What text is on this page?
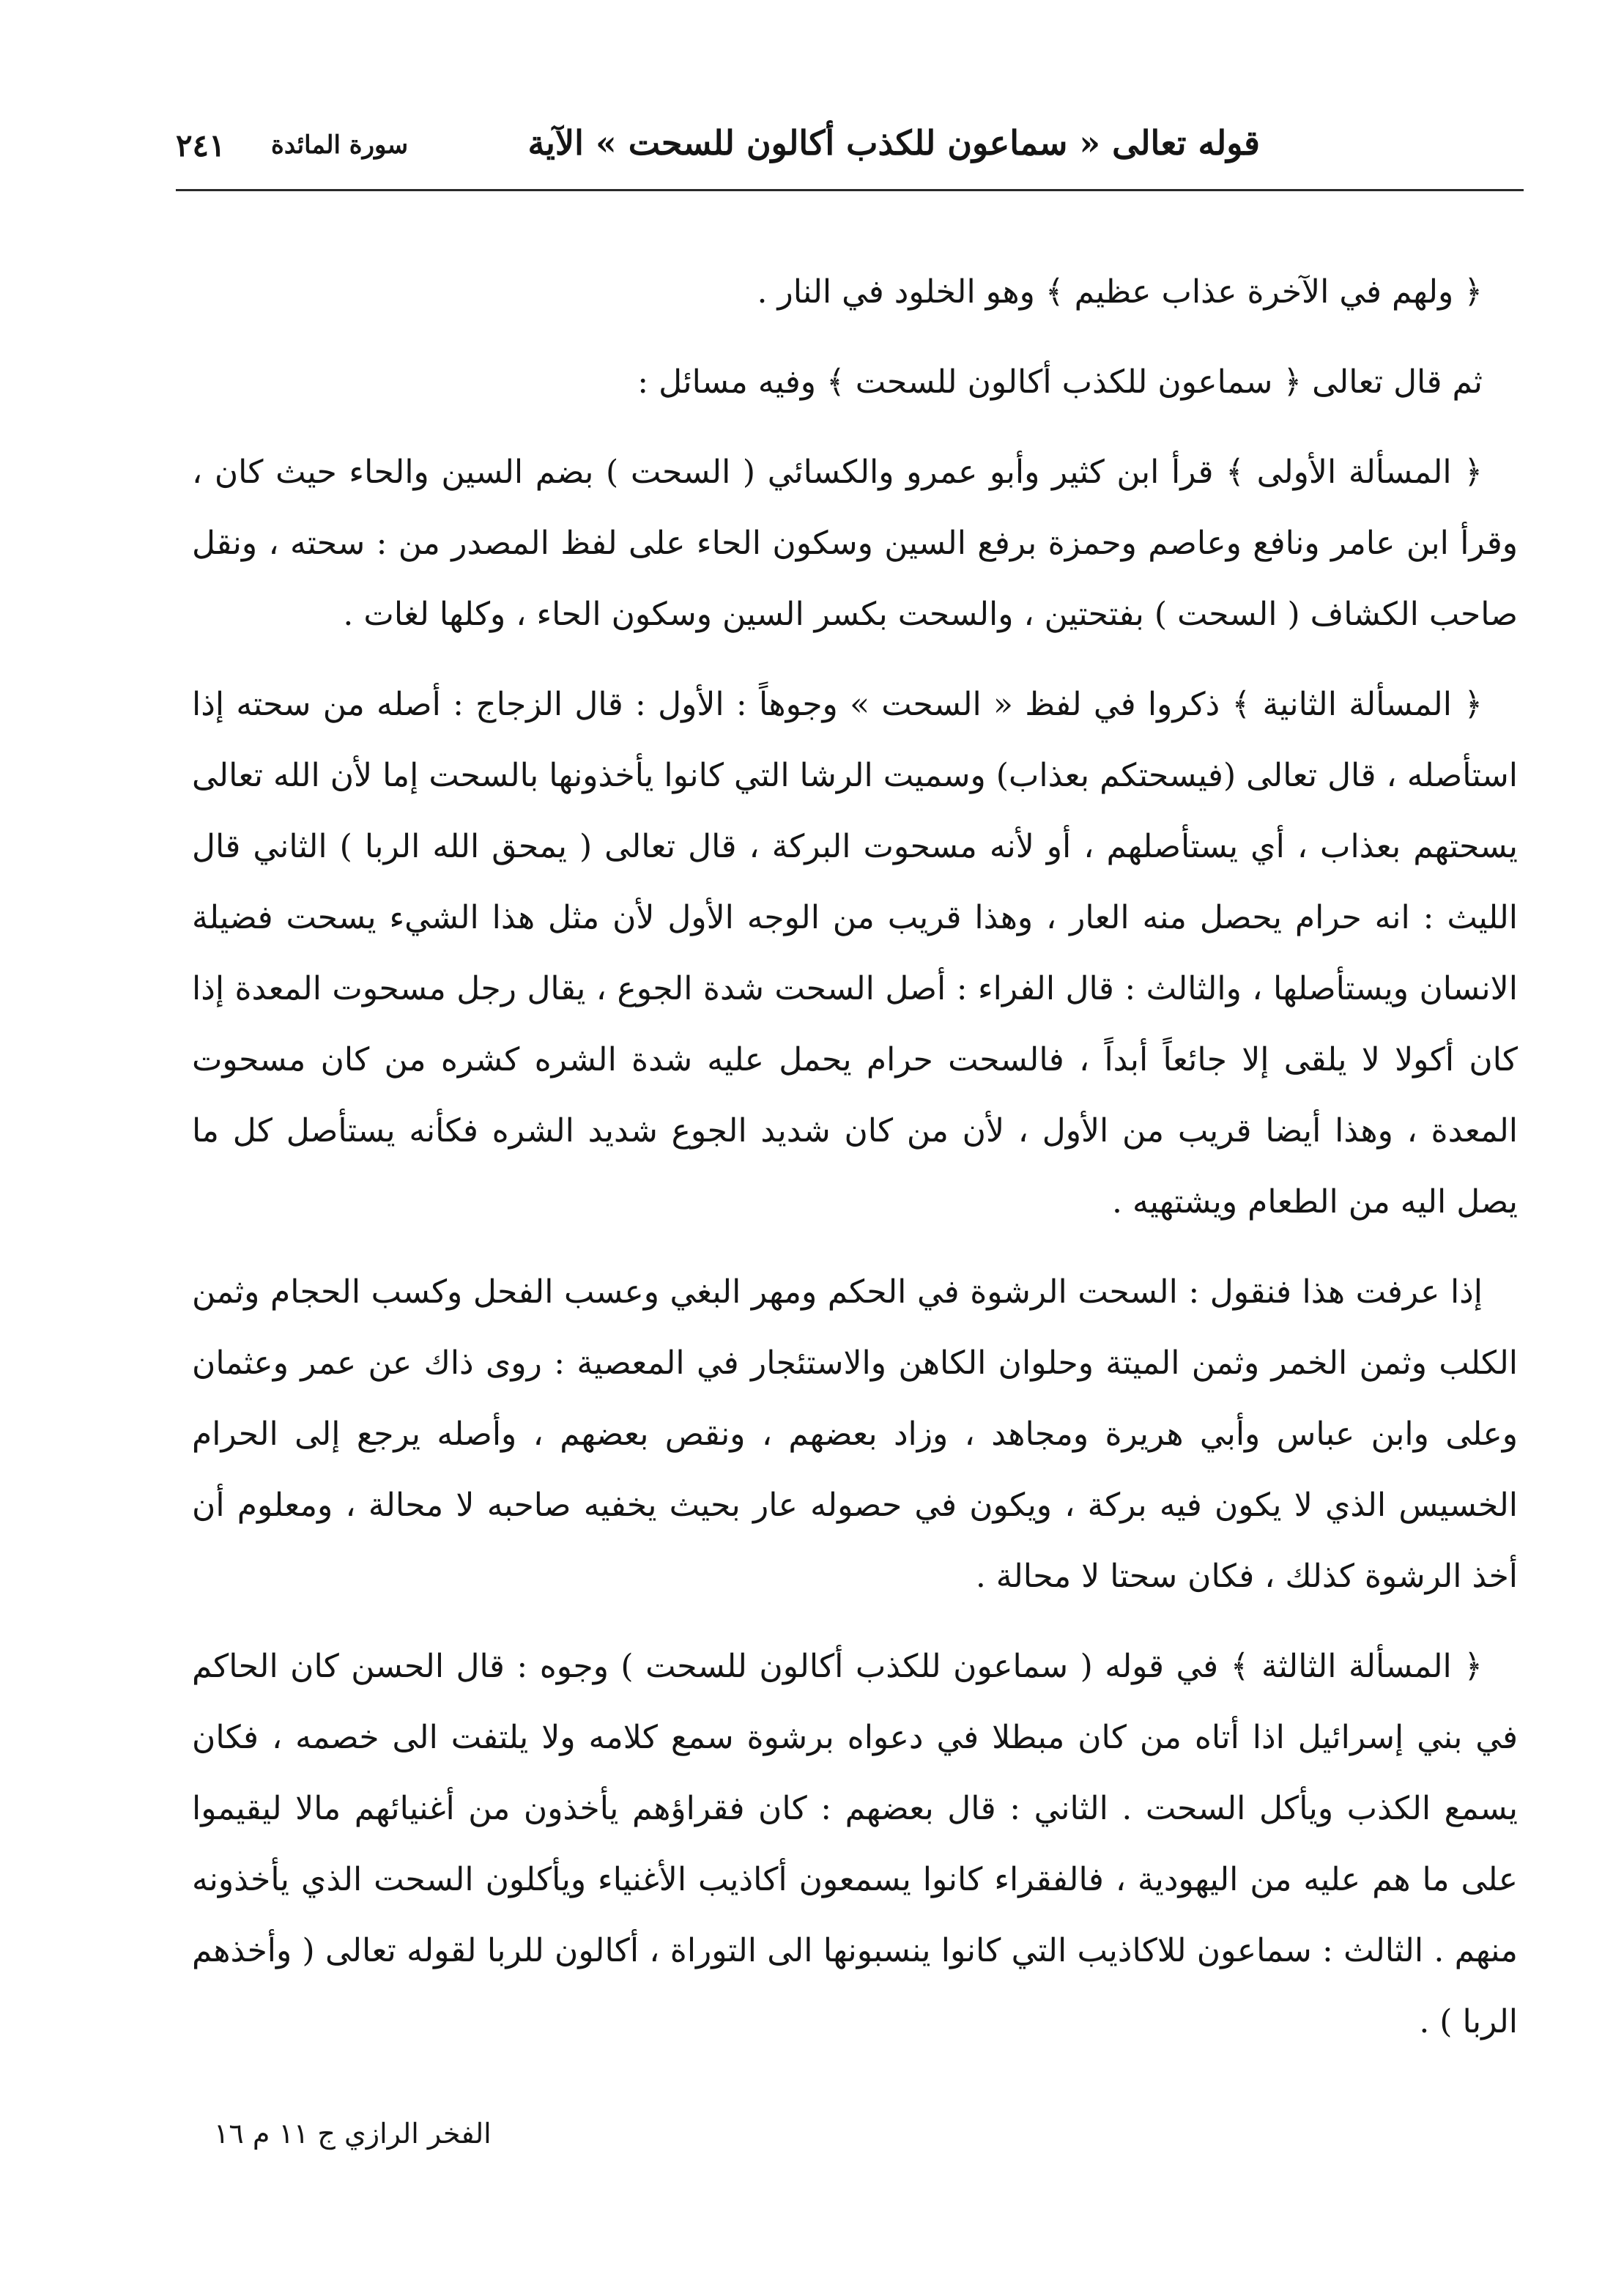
قوله تعالى « سماعون للكذب أكالون للسحت » الآية
سورة المائدة
٢٤١

﴿ ولهم في الآخرة عذاب عظيم ﴾ وهو الخلود في النار .

ثم قال تعالى ﴿ سماعون للكذب أكالون للسحت ﴾ وفيه مسائل :

﴿ المسألة الأولى ﴾ قرأ ابن كثير وأبو عمرو والكسائي ( السحت ) بضم السين والحاء حيث كان ، وقرأ ابن عامر ونافع وعاصم وحمزة برفع السين وسكون الحاء على لفظ المصدر من : سحته ، ونقل صاحب الكشاف ( السحت ) بفتحتين ، والسحت بكسر السين وسكون الحاء ، وكلها لغات .

﴿ المسألة الثانية ﴾ ذكروا في لفظ « السحت » وجوهاً : الأول : قال الزجاج : أصله من سحته إذا استأصله ، قال تعالى (فيسحتكم بعذاب) وسميت الرشا التي كانوا يأخذونها بالسحت إما لأن الله تعالى يسحتهم بعذاب ، أي يستأصلهم ، أو لأنه مسحوت البركة ، قال تعالى ( يمحق الله الربا ) الثاني قال الليث : انه حرام يحصل منه العار ، وهذا قريب من الوجه الأول لأن مثل هذا الشيء يسحت فضيلة الانسان ويستأصلها ، والثالث : قال الفراء : أصل السحت شدة الجوع ، يقال رجل مسحوت المعدة إذا كان أكولا لا يلقى إلا جائعاً أبداً ، فالسحت حرام يحمل عليه شدة الشره كشره من كان مسحوت المعدة ، وهذا أيضا قريب من الأول ، لأن من كان شديد الجوع شديد الشره فكأنه يستأصل كل ما يصل اليه من الطعام ويشتهيه .

إذا عرفت هذا فنقول : السحت الرشوة في الحكم ومهر البغي وعسب الفحل وكسب الحجام وثمن الكلب وثمن الخمر وثمن الميتة وحلوان الكاهن والاستئجار في المعصية : روى ذاك عن عمر وعثمان وعلى وابن عباس وأبي هريرة ومجاهد ، وزاد بعضهم ، ونقص بعضهم ، وأصله يرجع إلى الحرام الخسيس الذي لا يكون فيه بركة ، ويكون في حصوله عار بحيث يخفيه صاحبه لا محالة ، ومعلوم أن أخذ الرشوة كذلك ، فكان سحتا لا محالة .

﴿ المسألة الثالثة ﴾ في قوله ( سماعون للكذب أكالون للسحت ) وجوه : قال الحسن كان الحاكم في بني إسرائيل اذا أتاه من كان مبطلا في دعواه برشوة سمع كلامه ولا يلتفت الى خصمه ، فكان يسمع الكذب ويأكل السحت . الثاني : قال بعضهم : كان فقراؤهم يأخذون من أغنيائهم مالا ليقيموا على ما هم عليه من اليهودية ، فالفقراء كانوا يسمعون أكاذيب الأغنياء ويأكلون السحت الذي يأخذونه منهم . الثالث : سماعون للاكاذيب التي كانوا ينسبونها الى التوراة ، أكالون للربا لقوله تعالى ( وأخذهم الربا ) .

الفخر الرازي ج ١١ م ١٦
